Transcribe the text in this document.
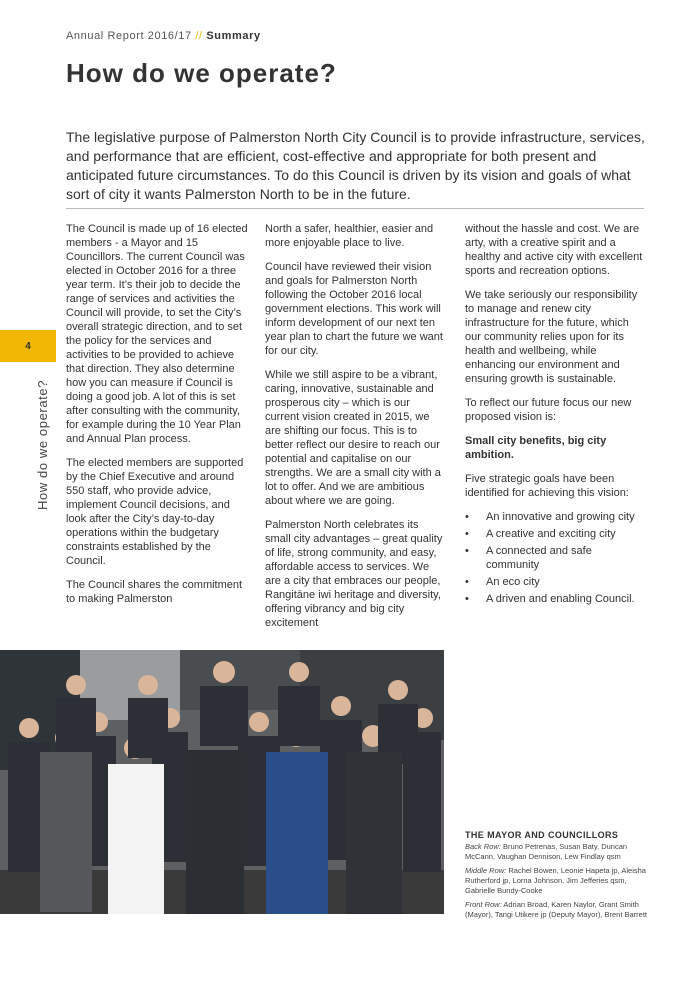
Annual Report 2016/17 // Summary
How do we operate?
The legislative purpose of Palmerston North City Council is to provide infrastructure, services, and performance that are efficient, cost-effective and appropriate for both present and anticipated future circumstances. To do this Council is driven by its vision and goals of what sort of city it wants Palmerston North to be in the future.
4
How do we operate?

The Council is made up of 16 elected members - a Mayor and 15 Councillors. The current Council was elected in October 2016 for a three year term. It’s their job to decide the range of services and activities the Council will provide, to set the City’s overall strategic direction, and to set the policy for the services and activities to be provided to achieve that direction. They also determine how you can measure if Council is doing a good job. A lot of this is set after consulting with the community, for example during the 10 Year Plan and Annual Plan process.

The elected members are supported by the Chief Executive and around 550 staff, who provide advice, implement Council decisions, and look after the City’s day-to-day operations within the budgetary constraints established by the Council.

The Council shares the commitment to making Palmerston

North a safer, healthier, easier and more enjoyable place to live.

Council have reviewed their vision and goals for Palmerston North following the October 2016 local government elections. This work will inform development of our next ten year plan to chart the future we want for our city.

While we still aspire to be a vibrant, caring, innovative, sustainable and prosperous city – which is our current vision created in 2015, we are shifting our focus. This is to better reflect our desire to reach our potential and capitalise on our strengths. We are a small city with a lot to offer. And we are ambitious about where we are going.

Palmerston North celebrates its small city advantages – great quality of life, strong community, and easy, affordable access to services. We are a city that embraces our people, Rangitāne iwi heritage and diversity, offering vibrancy and big city excitement

without the hassle and cost. We are arty, with a creative spirit and a healthy and active city with excellent sports and recreation options.

We take seriously our responsibility to manage and renew city infrastructure for the future, which our community relies upon for its health and wellbeing, while enhancing our environment and ensuring growth is sustainable.

To reflect our future focus our new proposed vision is:

Small city benefits, big city ambition.

Five strategic goals have been identified for achieving this vision:

• An innovative and growing city
• A creative and exciting city
• A connected and safe community
• An eco city
• A driven and enabling Council.
THE MAYOR AND COUNCILLORS

Back Row: Bruno Petrenas, Susan Baty, Duncan McCann, Vaughan Dennison, Lew Findlay qsm

Middle Row: Rachel Bowen, Leonie Hapeta jp, Aleisha Rutherford jp, Lorna Johnson, Jim Jefferies qsm, Gabrielle Bundy-Cooke

Front Row: Adrian Broad, Karen Naylor, Grant Smith (Mayor), Tangi Utikere jp (Deputy Mayor), Brent Barrett
